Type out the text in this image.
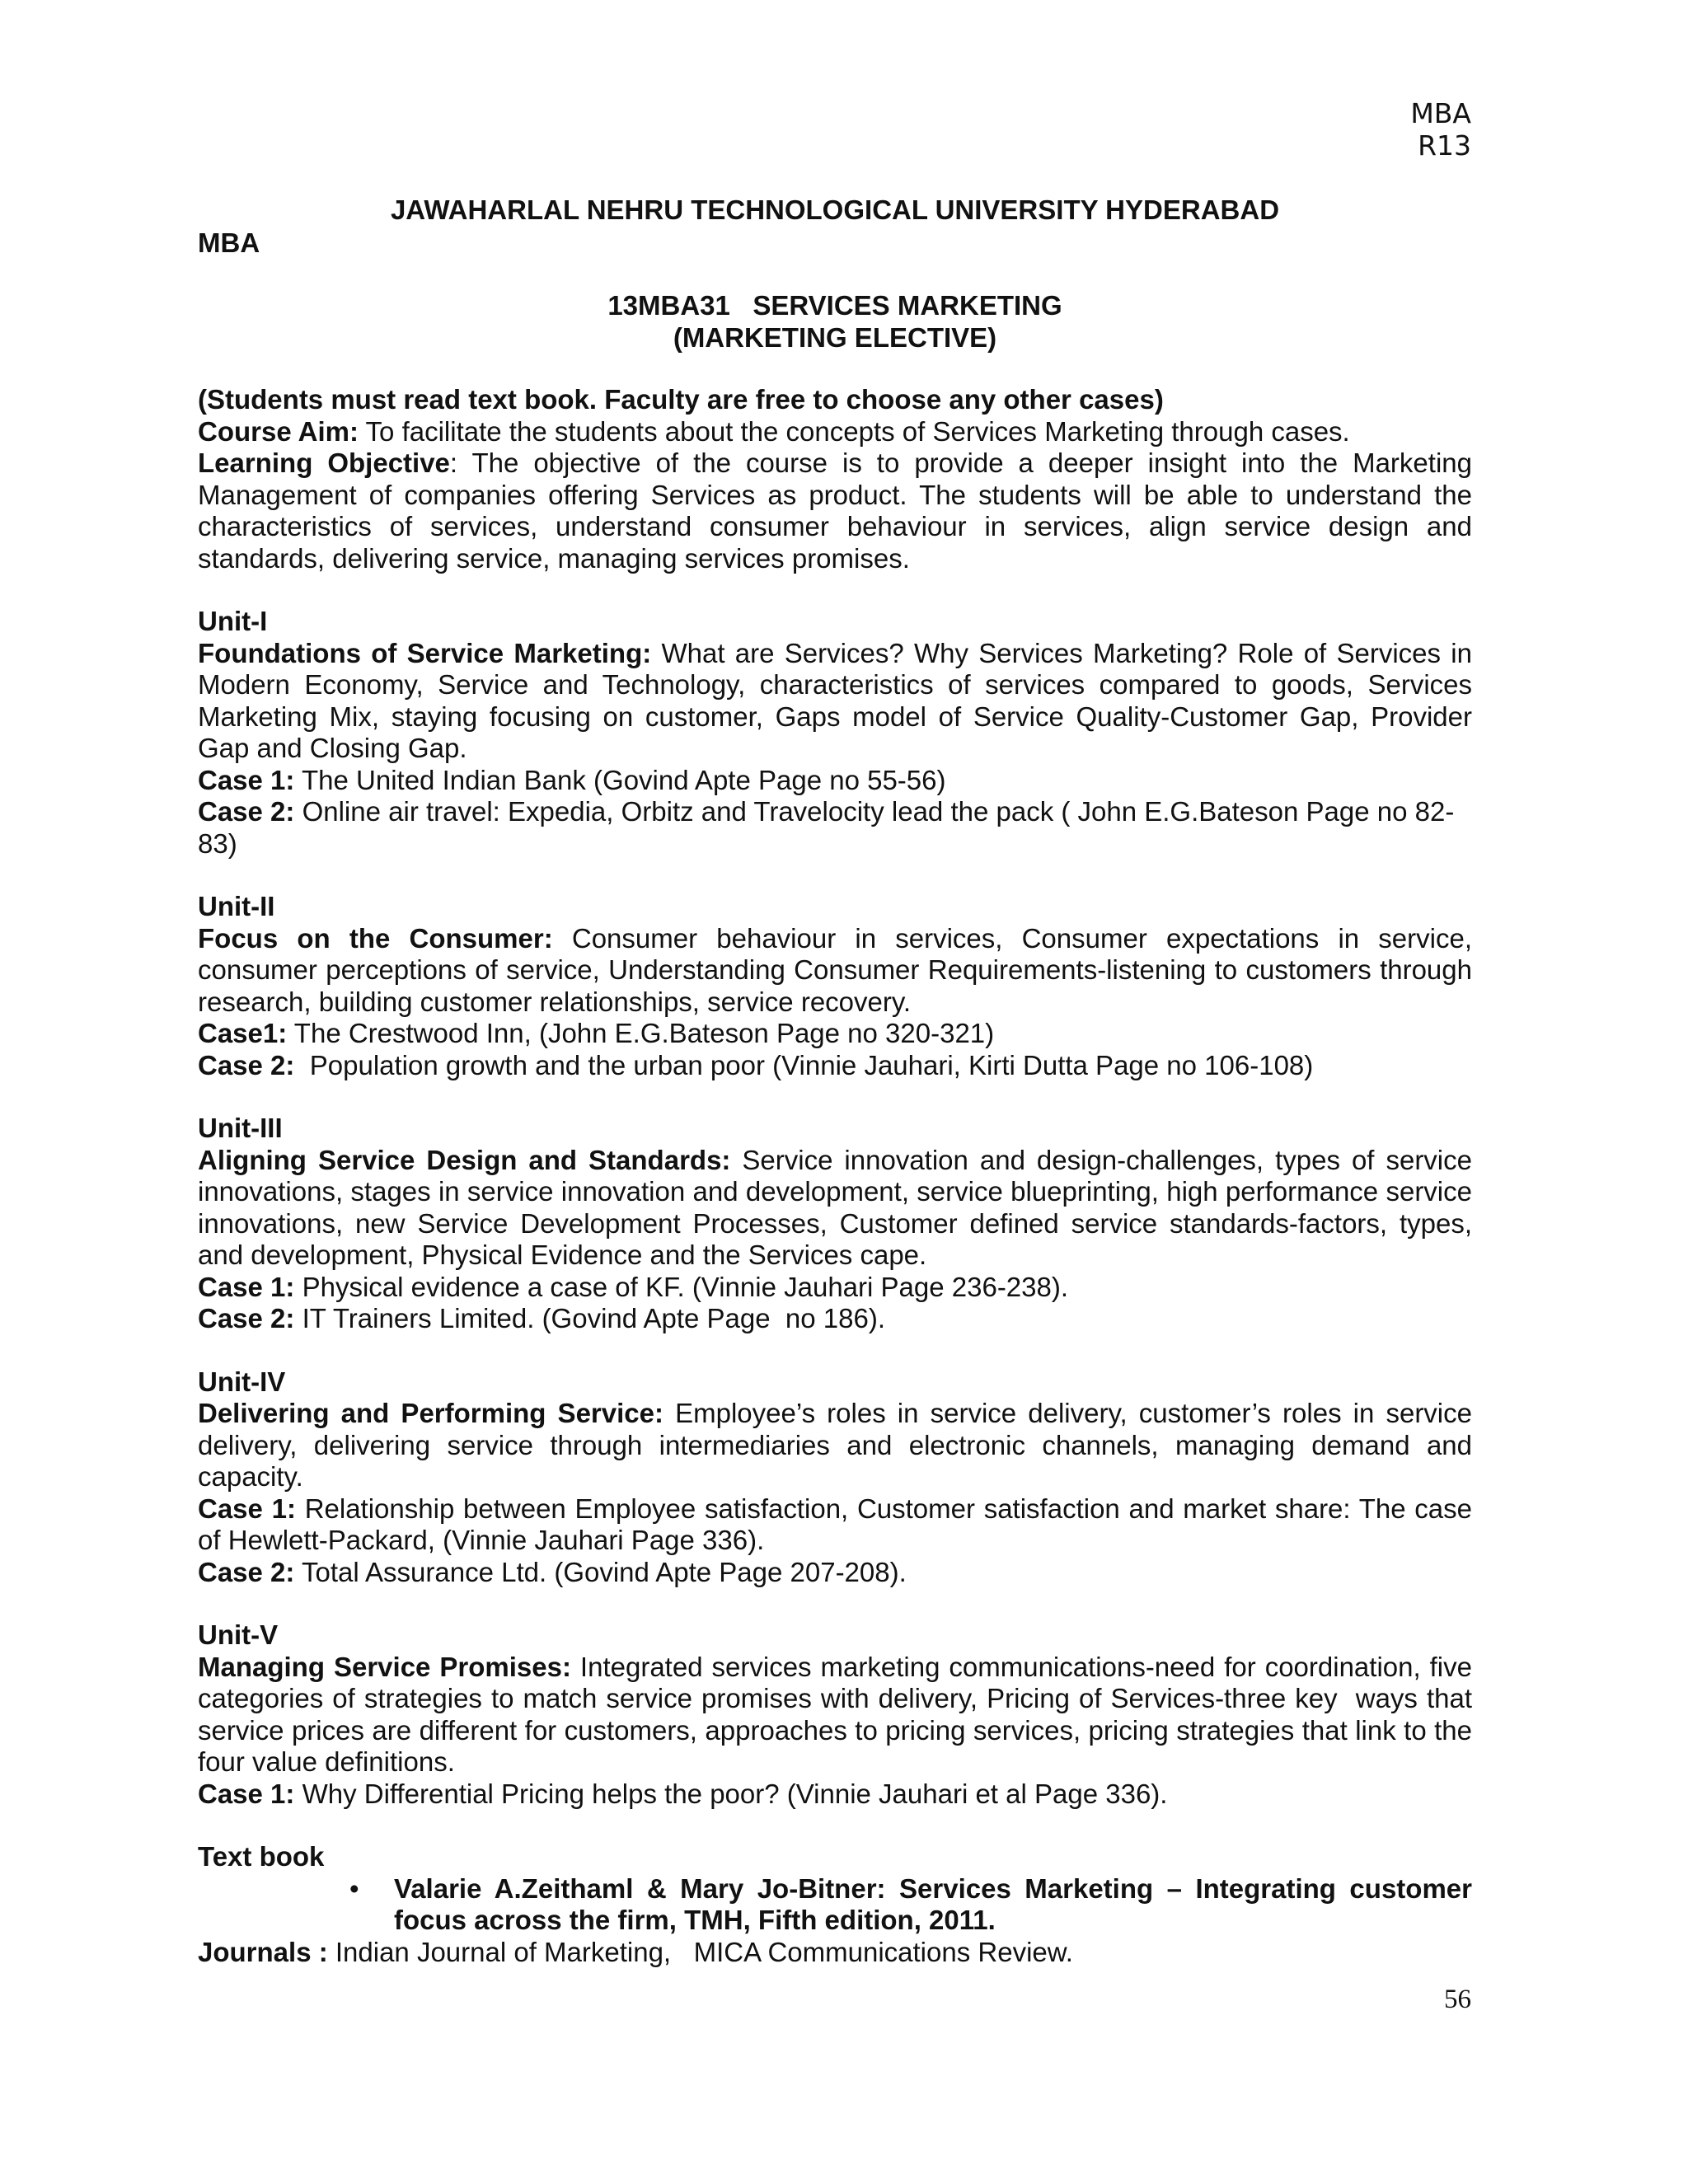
MBA R13
JAWAHARLAL NEHRU TECHNOLOGICAL UNIVERSITY HYDERABAD
MBA
13MBA31   SERVICES MARKETING
(MARKETING ELECTIVE)

(Students must read text book. Faculty are free to choose any other cases)

Course Aim: To facilitate the students about the concepts of Services Marketing through cases.

Learning Objective: The objective of the course is to provide a deeper insight into the Marketing Management of companies offering Services as product. The students will be able to understand the characteristics of services, understand consumer behaviour in services, align service design and standards, delivering service, managing services promises.

Unit-I

Foundations of Service Marketing: What are Services? Why Services Marketing? Role of Services in Modern Economy, Service and Technology, characteristics of services compared to goods, Services Marketing Mix, staying focusing on customer, Gaps model of Service Quality-Customer Gap, Provider Gap and Closing Gap.

Case 1: The United Indian Bank (Govind Apte Page no 55-56)

Case 2: Online air travel: Expedia, Orbitz and Travelocity lead the pack ( John E.G.Bateson Page no 82-83)

Unit-II

Focus on the Consumer: Consumer behaviour in services, Consumer expectations in service, consumer perceptions of service, Understanding Consumer Requirements-listening to customers through research, building customer relationships, service recovery.

Case1: The Crestwood Inn, (John E.G.Bateson Page no 320-321)

Case 2:  Population growth and the urban poor (Vinnie Jauhari, Kirti Dutta Page no 106-108)

Unit-III

Aligning Service Design and Standards: Service innovation and design-challenges, types of service innovations, stages in service innovation and development, service blueprinting, high performance service innovations, new Service Development Processes, Customer defined service standards-factors, types, and development, Physical Evidence and the Services cape.

Case 1: Physical evidence a case of KF. (Vinnie Jauhari Page 236-238).

Case 2: IT Trainers Limited. (Govind Apte Page  no 186).

Unit-IV

Delivering and Performing Service: Employee’s roles in service delivery, customer’s roles in service delivery, delivering service through intermediaries and electronic channels, managing demand and capacity.

Case 1: Relationship between Employee satisfaction, Customer satisfaction and market share: The case of Hewlett-Packard, (Vinnie Jauhari Page 336).

Case 2: Total Assurance Ltd. (Govind Apte Page 207-208).

Unit-V

Managing Service Promises: Integrated services marketing communications-need for coordination, five categories of strategies to match service promises with delivery, Pricing of Services-three key  ways that service prices are different for customers, approaches to pricing services, pricing strategies that link to the four value definitions.

Case 1: Why Differential Pricing helps the poor? (Vinnie Jauhari et al Page 336).

Text book

• Valarie A.Zeithaml & Mary Jo-Bitner: Services Marketing – Integrating customer focus across the firm, TMH, Fifth edition, 2011.

Journals : Indian Journal of Marketing,   MICA Communications Review.

56
